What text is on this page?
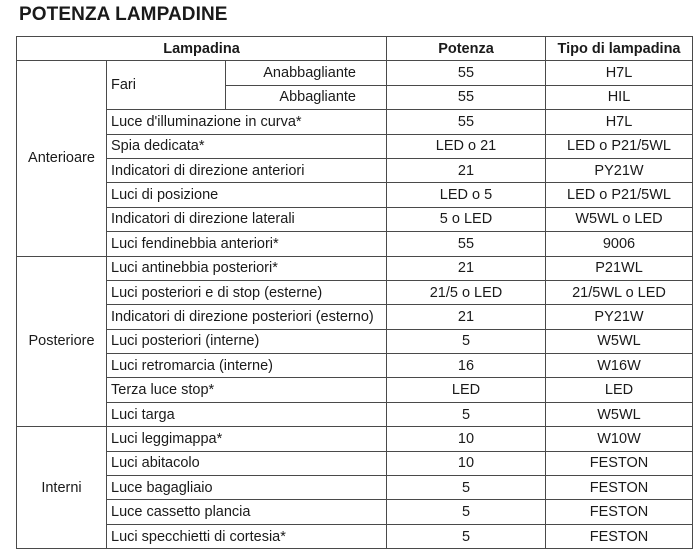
POTENZA LAMPADINE
Lampadina			Potenza	Tipo di lampadina
Anterioare	Fari	Anabbagliante	55	H7L
		Abbagliante	55	HIL
	Luce d'illuminazione in curva*		55	H7L
	Spia dedicata*		LED o 21	LED o P21/5WL
	Indicatori di direzione anteriori		21	PY21W
	Luci di posizione		LED o 5	LED o P21/5WL
	Indicatori di direzione laterali		5 o LED	W5WL o LED
	Luci fendinebbia anteriori*		55	9006
Posteriore	Luci antinebbia posteriori*		21	P21WL
	Luci posteriori e di stop (esterne)		21/5 o LED	21/5WL o LED
	Indicatori di direzione posteriori (esterno)		21	PY21W
	Luci posteriori (interne)		5	W5WL
	Luci retromarcia (interne)		16	W16W
	Terza luce stop*		LED	LED
	Luci targa		5	W5WL
Interni	Luci leggimappa*		10	W10W
	Luci abitacolo		10	FESTON
	Luce bagagliaio		5	FESTON
	Luce cassetto plancia		5	FESTON
	Luci specchietti di cortesia*		5	FESTON
